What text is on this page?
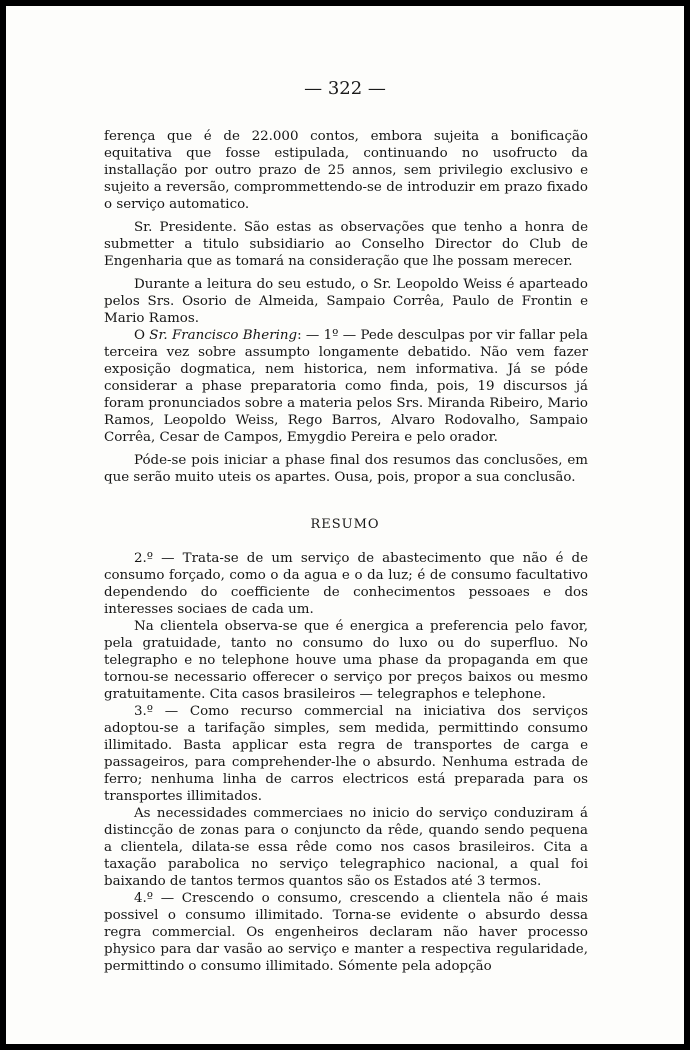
— 322 —

ferença que é de 22.000 contos, embora sujeita a bonificação equitativa que fosse estipulada, continuando no usofructo da installação por outro prazo de 25 annos, sem privilegio exclusivo e sujeito a reversão, comprommettendo-se de introduzir em prazo fixado o serviço automatico.

Sr. Presidente. São estas as observações que tenho a honra de submetter a titulo subsidiario ao Conselho Director do Club de Engenharia que as tomará na consideração que lhe possam merecer.

Durante a leitura do seu estudo, o Sr. Leopoldo Weiss é aparteado pelos Srs. Osorio de Almeida, Sampaio Corrêa, Paulo de Frontin e Mario Ramos.

O Sr. Francisco Bhering: — 1º — Pede desculpas por vir fallar pela terceira vez sobre assumpto longamente debatido. Não vem fazer exposição dogmatica, nem historica, nem informativa. Já se póde considerar a phase preparatoria como finda, pois, 19 discursos já foram pronunciados sobre a materia pelos Srs. Miranda Ribeiro, Mario Ramos, Leopoldo Weiss, Rego Barros, Alvaro Rodovalho, Sampaio Corrêa, Cesar de Campos, Emygdio Pereira e pelo orador.

Póde-se pois iniciar a phase final dos resumos das conclusões, em que serão muito uteis os apartes. Ousa, pois, propor a sua conclusão.

RESUMO

2.º — Trata-se de um serviço de abastecimento que não é de consumo forçado, como o da agua e o da luz; é de consumo facultativo dependendo do coefficiente de conhecimentos pessoaes e dos interesses sociaes de cada um.

Na clientela observa-se que é energica a preferencia pelo favor, pela gratuidade, tanto no consumo do luxo ou do superfluo. No telegrapho e no telephone houve uma phase da propaganda em que tornou-se necessario offerecer o serviço por preços baixos ou mesmo gratuitamente. Cita casos brasileiros — telegraphos e telephone.

3.º — Como recurso commercial na iniciativa dos serviços adoptou-se a tarifação simples, sem medida, permittindo consumo illimitado. Basta applicar esta regra de transportes de carga e passageiros, para comprehender-lhe o absurdo. Nenhuma estrada de ferro; nenhuma linha de carros electricos está preparada para os transportes illimitados.

As necessidades commerciaes no inicio do serviço conduziram á distincção de zonas para o conjuncto da rêde, quando sendo pequena a clientela, dilata-se essa rêde como nos casos brasileiros. Cita a taxação parabolica no serviço telegraphico nacional, a qual foi baixando de tantos termos quantos são os Estados até 3 termos.

4.º — Crescendo o consumo, crescendo a clientela não é mais possivel o consumo illimitado. Torna-se evidente o absurdo dessa regra commercial. Os engenheiros declaram não haver processo physico para dar vasão ao serviço e manter a respectiva regularidade, permittindo o consumo illimitado. Sómente pela adopção
